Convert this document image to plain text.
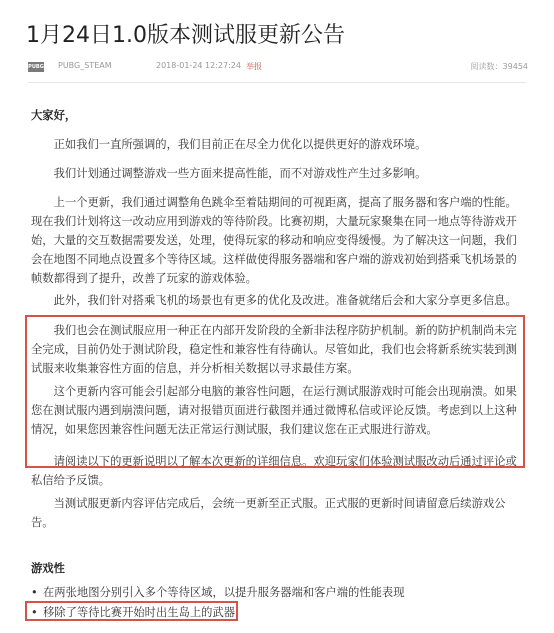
1月24日1.0版本测试服更新公告
PUBG PUBG_STEAM	2018-01-24 12:27:24 举报	阅读数：39454
大家好，
正如我们一直所强调的，我们目前正在尽全力优化以提供更好的游戏环境。
我们计划通过调整游戏一些方面来提高性能，而不对游戏性产生过多影响。
上一个更新，我们通过调整角色跳伞至着陆期间的可视距离，提高了服务器和客户端的性能。现在我们计划将这一改动应用到游戏的等待阶段。比赛初期，大量玩家聚集在同一地点等待游戏开始，大量的交互数据需要发送，处理，使得玩家的移动和响应变得缓慢。为了解决这一问题，我们会在地图不同地点设置多个等待区域。这样做使得服务器端和客户端的游戏初始到搭乘飞机场景的帧数都得到了提升，改善了玩家的游戏体验。
此外，我们针对搭乘飞机的场景也有更多的优化及改进。准备就绪后会和大家分享更多信息。
我们也会在测试服应用一种正在内部开发阶段的全新非法程序防护机制。新的防护机制尚未完全完成，目前仍处于测试阶段，稳定性和兼容性有待确认。尽管如此，我们也会将新系统实装到测试服来收集兼容性方面的信息，并分析相关数据以寻求最佳方案。
这个更新内容可能会引起部分电脑的兼容性问题，在运行测试服游戏时可能会出现崩溃。如果您在测试服内遇到崩溃问题，请对报错页面进行截图并通过微博私信或评论反馈。考虑到以上这种情况，如果您因兼容性问题无法正常运行测试服，我们建议您在正式服进行游戏。
请阅读以下的更新说明以了解本次更新的详细信息。欢迎玩家们体验测试服改动后通过评论或私信给予反馈。
当测试服更新内容评估完成后，会统一更新至正式服。正式服的更新时间请留意后续游戏公告。
游戏性
• 在两张地图分别引入多个等待区域，以提升服务器端和客户端的性能表现
• 移除了等待比赛开始时出生岛上的武器
